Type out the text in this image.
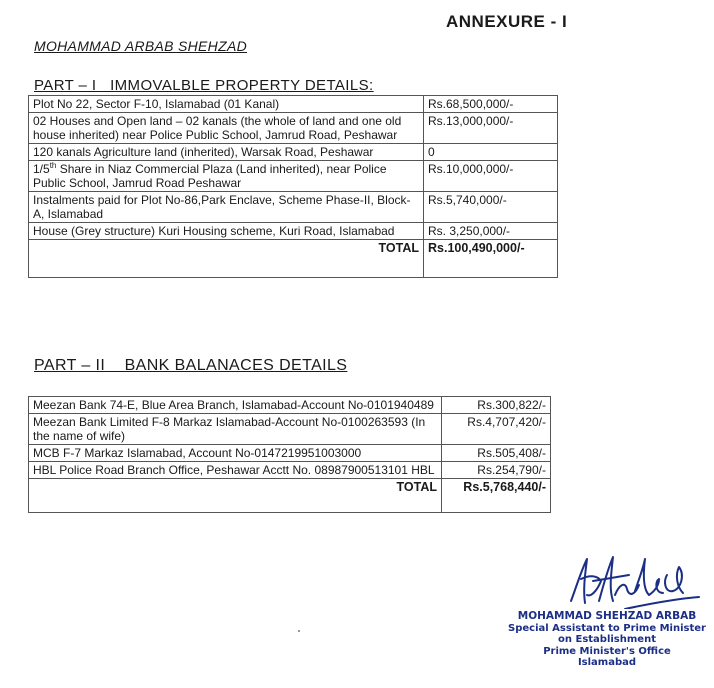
ANNEXURE - I
MOHAMMAD ARBAB SHEHZAD
PART – I   IMMOVALBLE PROPERTY DETAILS:
Plot No 22, Sector F-10, Islamabad (01 Kanal)	Rs.68,500,000/-
02 Houses and Open land – 02 kanals (the whole of land and one old house inherited) near Police Public School, Jamrud Road, Peshawar	Rs.13,000,000/-
120 kanals Agriculture land (inherited), Warsak Road, Peshawar	0
1/5th Share in Niaz Commercial Plaza (Land inherited), near Police Public School, Jamrud Road Peshawar	Rs.10,000,000/-
Instalments paid for Plot No-86,Park Enclave, Scheme Phase-II, Block-A, Islamabad	Rs.5,740,000/-
House (Grey structure) Kuri Housing scheme, Kuri Road, Islamabad	Rs. 3,250,000/-
TOTAL	Rs.100,490,000/-
PART – II    BANK BALANACES DETAILS
Meezan Bank 74-E, Blue Area Branch, Islamabad-Account No-0101940489	Rs.300,822/-
Meezan Bank Limited F-8 Markaz Islamabad-Account No-0100263593 (In the name of wife)	Rs.4,707,420/-
MCB F-7 Markaz Islamabad, Account No-0147219951003000	Rs.505,408/-
HBL Police Road Branch Office, Peshawar Acctt No. 08987900513101 HBL	Rs.254,790/-
TOTAL	Rs.5,768,440/-
MOHAMMAD SHEHZAD ARBAB
Special Assistant to Prime Minister
on Establishment
Prime Minister's Office
Islamabad
